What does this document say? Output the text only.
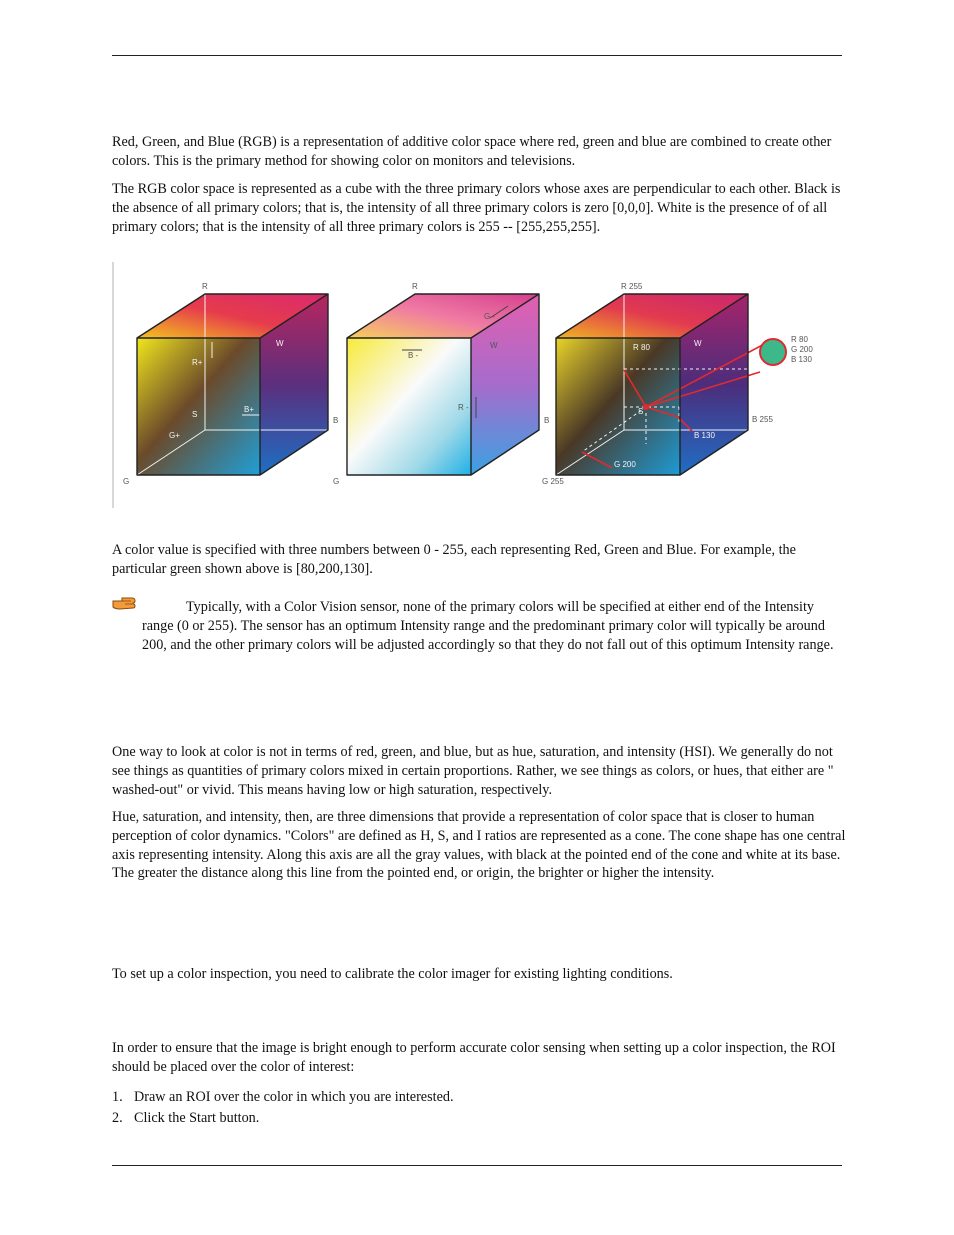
Red, Green, and Blue (RGB) is a representation of additive color space where red, green and blue are combined to create other colors. This is the primary method for showing color on monitors and televisions.

The RGB color space is represented as a cube with the three primary colors whose axes are perpendicular to each other. Black is the absence of all primary colors; that is, the intensity of all three primary colors is zero [0,0,0]. White is the presence of of all primary colors; that is the intensity of all three primary colors is 255 -- [255,255,255].

R
W
R+
S
B+
G+
B
G
R
G -
B -
R -
W
B
G
R 255
R 80	W
S
B 255
B 130
G 200
G 255
R 80
G 200
B 130

A color value is specified with three numbers between 0 - 255, each representing Red, Green and Blue. For example, the particular green shown above is [80,200,130].

Typically, with a Color Vision sensor, none of the primary colors will be specified at either end of the Intensity range (0 or 255). The sensor has an optimum Intensity range and the predominant primary color will typically be around 200, and the other primary colors will be adjusted accordingly so that they do not fall out of this optimum Intensity range.

One way to look at color is not in terms of red, green, and blue, but as hue, saturation, and intensity (HSI). We generally do not see things as quantities of primary colors mixed in certain proportions. Rather, we see things as colors, or hues, that either are " washed-out" or vivid. This means having low or high saturation, respectively.

Hue, saturation, and intensity, then, are three dimensions that provide a representation of color space that is closer to human perception of color dynamics. "Colors" are defined as H, S, and I ratios are represented as a cone. The cone shape has one central axis representing intensity. Along this axis are all the gray values, with black at the pointed end of the cone and white at its base. The greater the distance along this line from the pointed end, or origin, the brighter or higher the intensity.

To set up a color inspection, you need to calibrate the color imager for existing lighting conditions.

In order to ensure that the image is bright enough to perform accurate color sensing when setting up a color inspection, the ROI should be placed over the color of interest:

1. Draw an ROI over the color in which you are interested.
2. Click the Start button.
